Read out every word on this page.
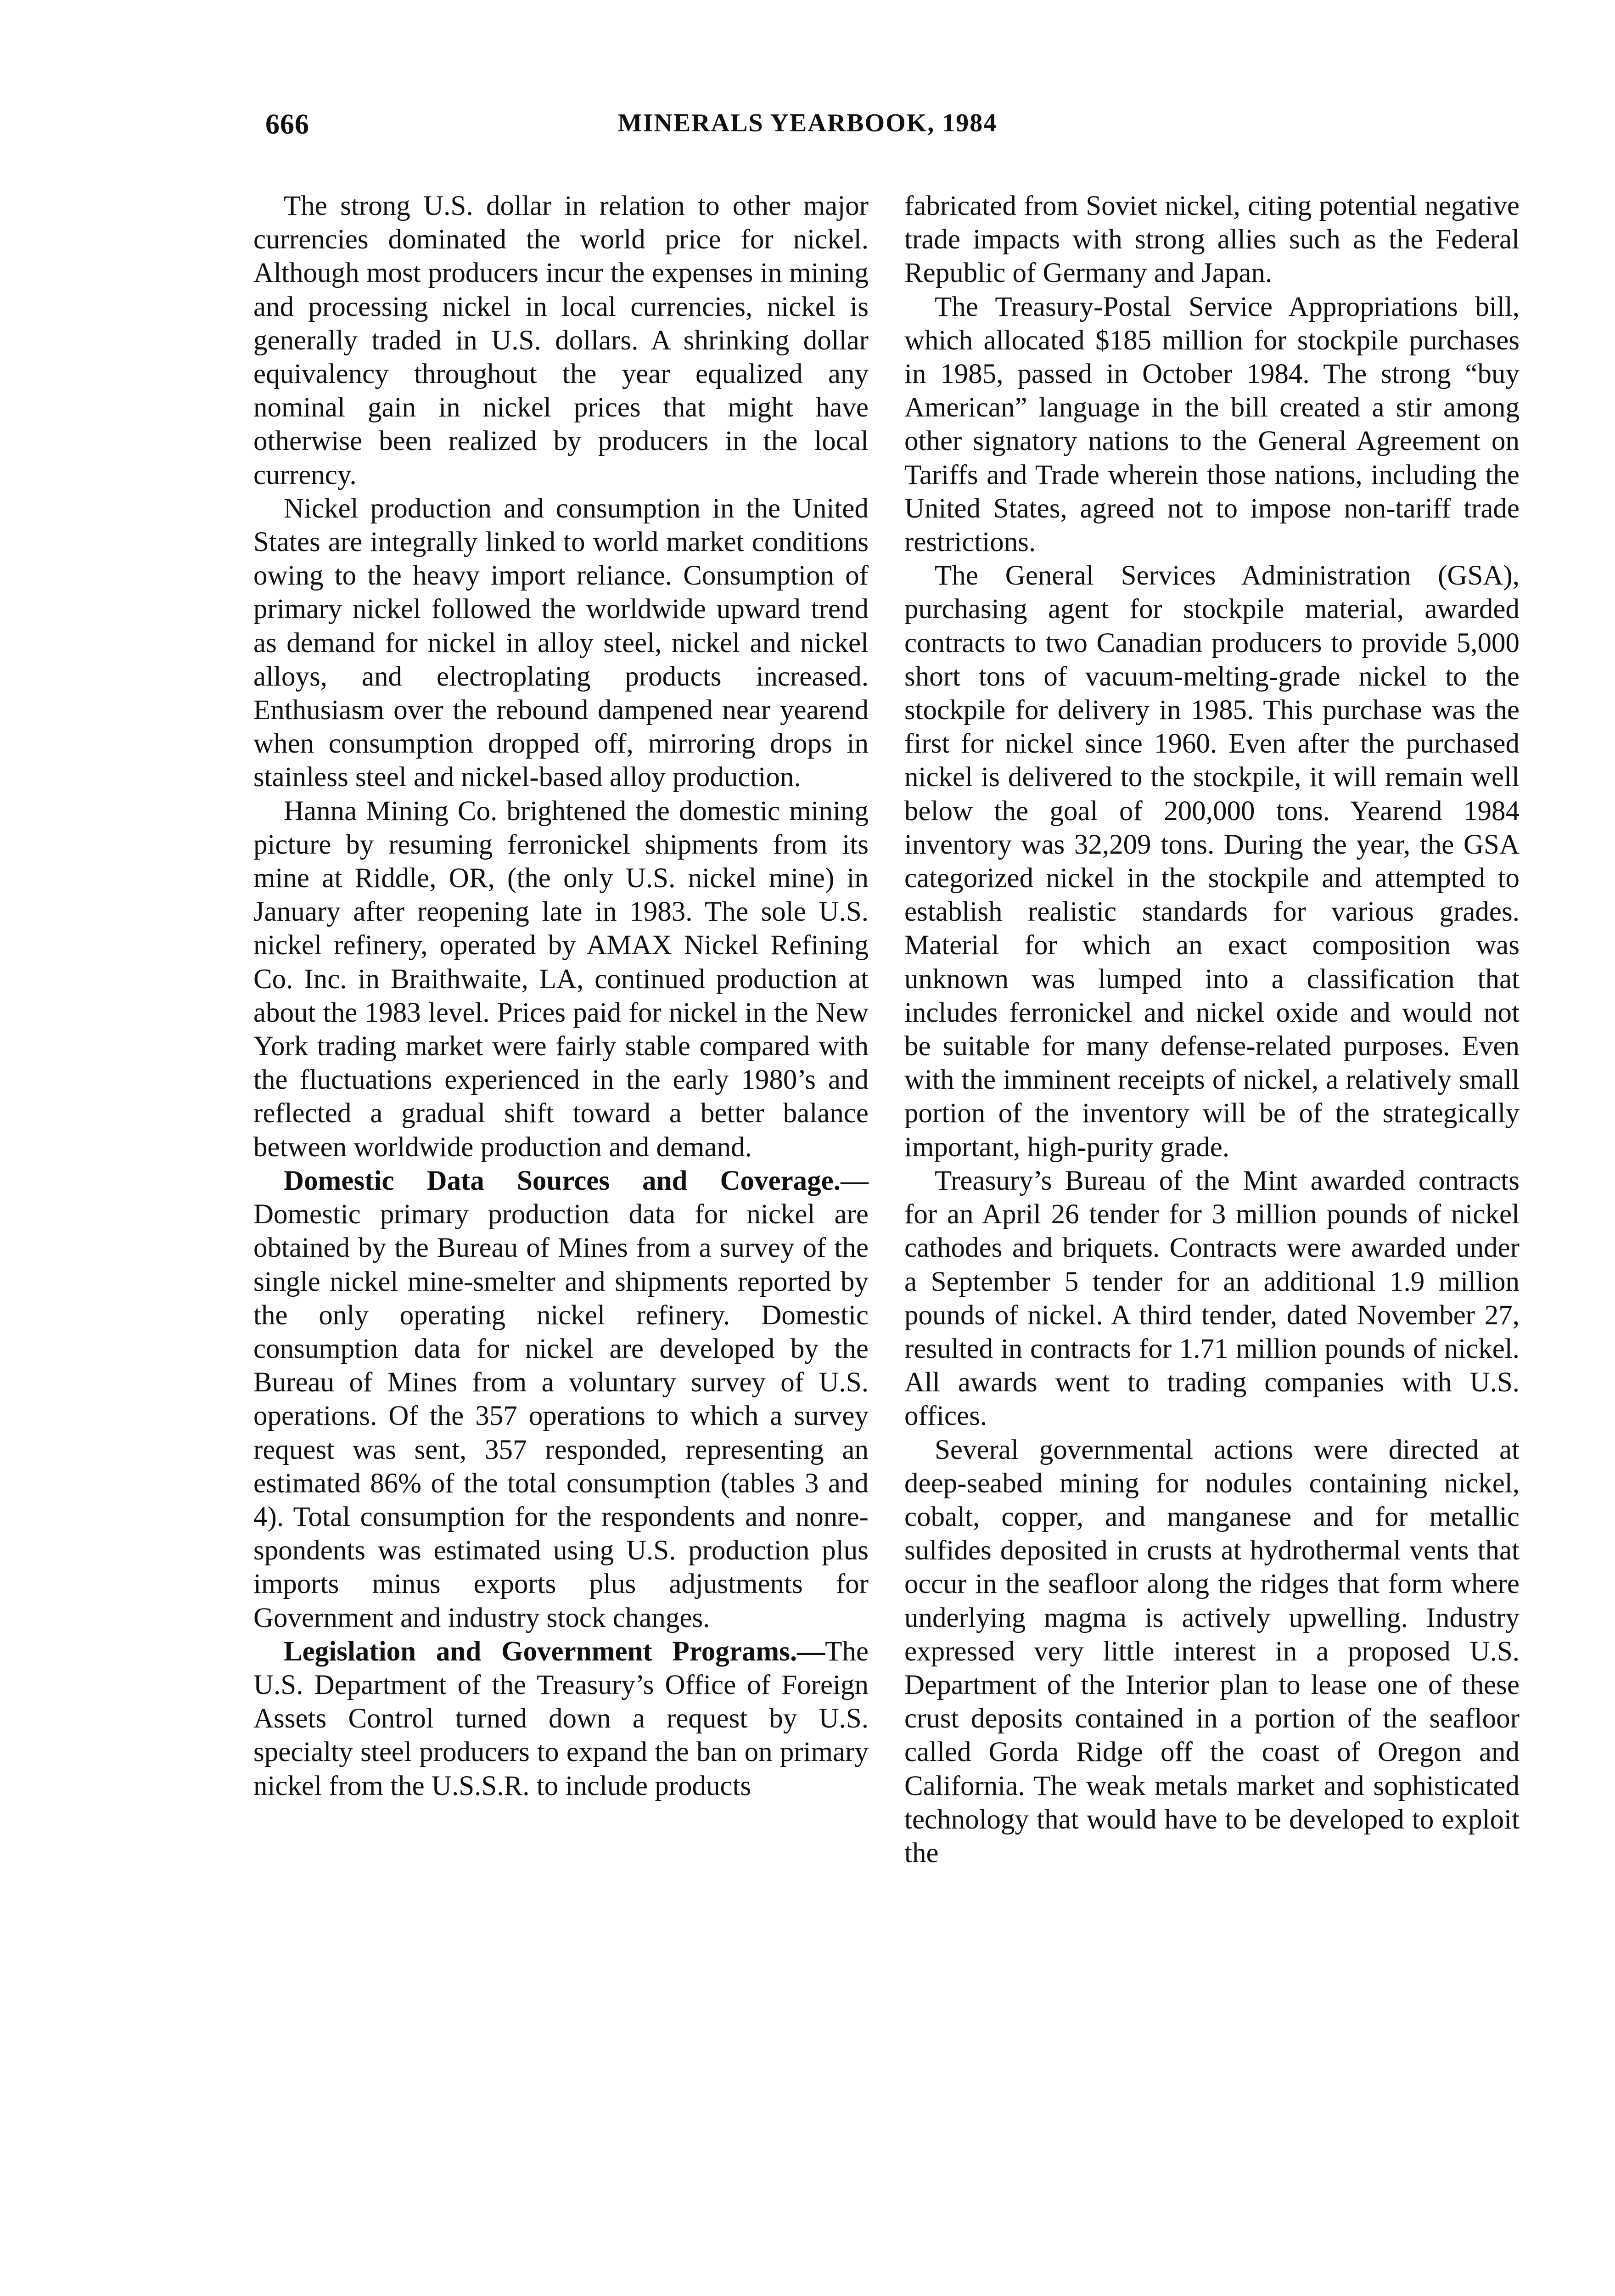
666	MINERALS YEARBOOK, 1984

The strong U.S. dollar in relation to other major currencies dominated the world price for nickel. Although most producers incur the expenses in mining and processing nickel in local currencies, nickel is generally traded in U.S. dollars. A shrinking dollar equivalency throughout the year equalized any nominal gain in nickel prices that might have otherwise been realized by producers in the local currency.

Nickel production and consumption in the United States are integrally linked to world market conditions owing to the heavy import reliance. Consumption of primary nickel followed the worldwide upward trend as demand for nickel in alloy steel, nickel and nickel alloys, and electroplating products increased. Enthusiasm over the rebound dampened near yearend when consumption dropped off, mirroring drops in stainless steel and nickel-based alloy production.

Hanna Mining Co. brightened the domestic mining picture by resuming ferronickel shipments from its mine at Riddle, OR, (the only U.S. nickel mine) in January after reopening late in 1983. The sole U.S. nickel refinery, operated by AMAX Nickel Refining Co. Inc. in Braithwaite, LA, continued production at about the 1983 level. Prices paid for nickel in the New York trading market were fairly stable compared with the fluctuations experienced in the early 1980’s and reflected a gradual shift toward a better balance between worldwide production and demand.

Domestic Data Sources and Coverage.—Domestic primary production data for nickel are obtained by the Bureau of Mines from a survey of the single nickel mine-smelter and shipments reported by the only operating nickel refinery. Domestic consumption data for nickel are developed by the Bureau of Mines from a voluntary survey of U.S. operations. Of the 357 operations to which a survey request was sent, 357 responded, representing an estimated 86% of the total consumption (tables 3 and 4). Total consumption for the respondents and nonrespondents was estimated using U.S. production plus imports minus exports plus adjustments for Government and industry stock changes.

Legislation and Government Programs.—The U.S. Department of the Treasury’s Office of Foreign Assets Control turned down a request by U.S. specialty steel producers to expand the ban on primary nickel from the U.S.S.R. to include products

fabricated from Soviet nickel, citing potential negative trade impacts with strong allies such as the Federal Republic of Germany and Japan.

The Treasury-Postal Service Appropriations bill, which allocated $185 million for stockpile purchases in 1985, passed in October 1984. The strong “buy American” language in the bill created a stir among other signatory nations to the General Agreement on Tariffs and Trade wherein those nations, including the United States, agreed not to impose non-tariff trade restrictions.

The General Services Administration (GSA), purchasing agent for stockpile material, awarded contracts to two Canadian producers to provide 5,000 short tons of vacuum-melting-grade nickel to the stockpile for delivery in 1985. This purchase was the first for nickel since 1960. Even after the purchased nickel is delivered to the stockpile, it will remain well below the goal of 200,000 tons. Yearend 1984 inventory was 32,209 tons. During the year, the GSA categorized nickel in the stockpile and attempted to establish realistic standards for various grades. Material for which an exact composition was unknown was lumped into a classification that includes ferronickel and nickel oxide and would not be suitable for many defense-related purposes. Even with the imminent receipts of nickel, a relatively small portion of the inventory will be of the strategically important, high-purity grade.

Treasury’s Bureau of the Mint awarded contracts for an April 26 tender for 3 million pounds of nickel cathodes and briquets. Contracts were awarded under a September 5 tender for an additional 1.9 million pounds of nickel. A third tender, dated November 27, resulted in contracts for 1.71 million pounds of nickel. All awards went to trading companies with U.S. offices.

Several governmental actions were directed at deep-seabed mining for nodules containing nickel, cobalt, copper, and manganese and for metallic sulfides deposited in crusts at hydrothermal vents that occur in the seafloor along the ridges that form where underlying magma is actively upwelling. Industry expressed very little interest in a proposed U.S. Department of the Interior plan to lease one of these crust deposits contained in a portion of the seafloor called Gorda Ridge off the coast of Oregon and California. The weak metals market and sophisticated technology that would have to be developed to exploit the
